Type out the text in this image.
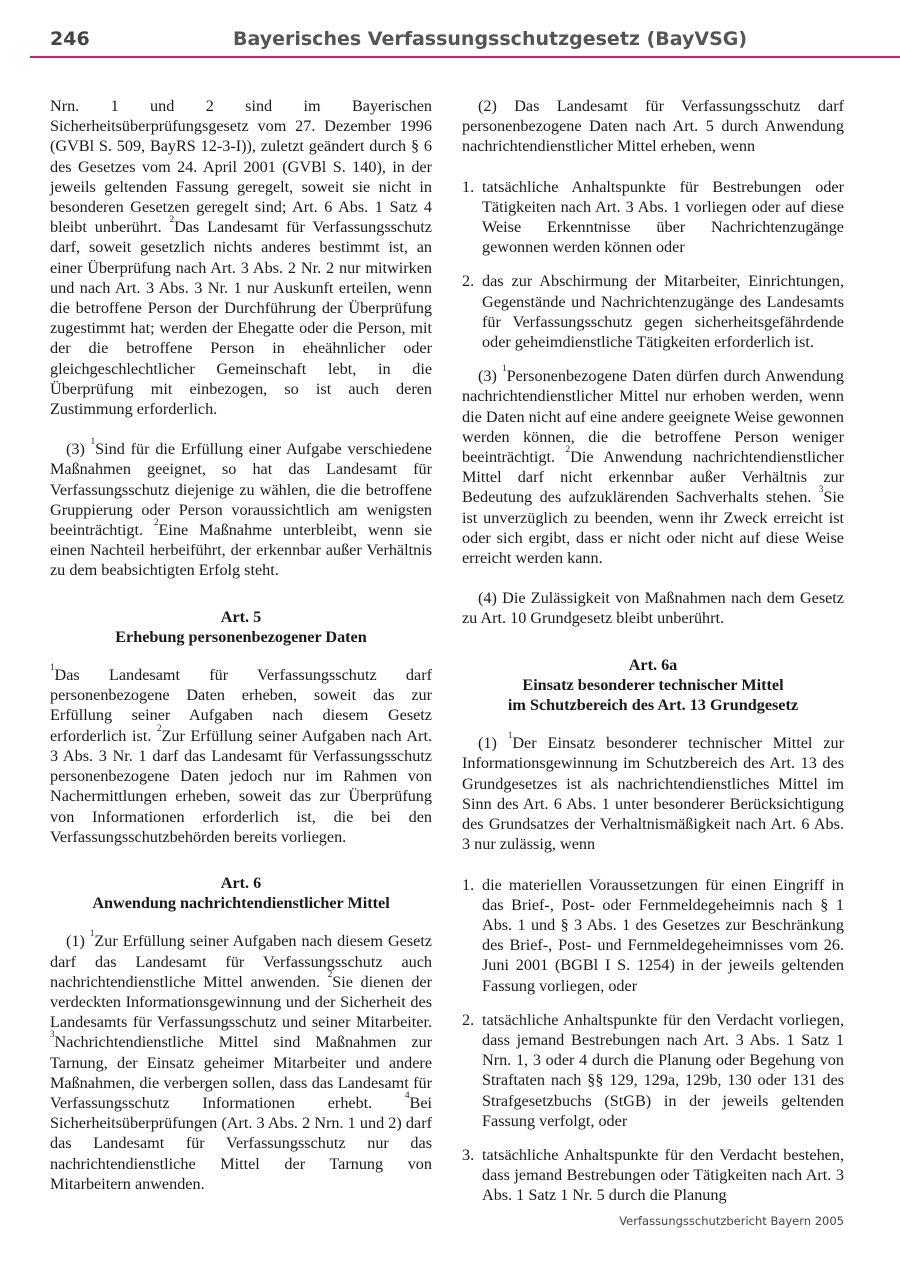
246	Bayerisches Verfassungsschutzgesetz (BayVSG)

Nrn. 1 und 2 sind im Bayerischen Sicherheitsüberprüfungsgesetz vom 27. Dezember 1996 (GVBl S. 509, BayRS 12-3-I)), zuletzt geändert durch § 6 des Gesetzes vom 24. April 2001 (GVBl S. 140), in der jeweils geltenden Fassung geregelt, soweit sie nicht in besonderen Gesetzen geregelt sind; Art. 6 Abs. 1 Satz 4 bleibt unberührt. $^2$Das Landesamt für Verfassungsschutz darf, soweit gesetzlich nichts anderes bestimmt ist, an einer Überprüfung nach Art. 3 Abs. 2 Nr. 2 nur mitwirken und nach Art. 3 Abs. 3 Nr. 1 nur Auskunft erteilen, wenn die betroffene Person der Durchführung der Überprüfung zugestimmt hat; werden der Ehegatte oder die Person, mit der die betroffene Person in eheähnlicher oder gleichgeschlechtlicher Gemeinschaft lebt, in die Überprüfung mit einbezogen, so ist auch deren Zustimmung erforderlich.

(3) $^1$Sind für die Erfüllung einer Aufgabe verschiedene Maßnahmen geeignet, so hat das Landesamt für Verfassungsschutz diejenige zu wählen, die die betroffene Gruppierung oder Person voraussichtlich am wenigsten beeinträchtigt. $^2$Eine Maßnahme unterbleibt, wenn sie einen Nachteil herbeiführt, der erkennbar außer Verhältnis zu dem beabsichtigten Erfolg steht.

Art. 5
Erhebung personenbezogener Daten

$^1$Das Landesamt für Verfassungsschutz darf personenbezogene Daten erheben, soweit das zur Erfüllung seiner Aufgaben nach diesem Gesetz erforderlich ist. $^2$Zur Erfüllung seiner Aufgaben nach Art. 3 Abs. 3 Nr. 1 darf das Landesamt für Verfassungsschutz personenbezogene Daten jedoch nur im Rahmen von Nachermittlungen erheben, soweit das zur Überprüfung von Informationen erforderlich ist, die bei den Verfassungsschutzbehörden bereits vorliegen.

Art. 6
Anwendung nachrichtendienstlicher Mittel

(1) $^1$Zur Erfüllung seiner Aufgaben nach diesem Gesetz darf das Landesamt für Verfassungsschutz auch nachrichtendienstliche Mittel anwenden. $^2$Sie dienen der verdeckten Informationsgewinnung und der Sicherheit des Landesamts für Verfassungsschutz und seiner Mitarbeiter. $^3$Nachrichtendienstliche Mittel sind Maßnahmen zur Tarnung, der Einsatz geheimer Mitarbeiter und andere Maßnahmen, die verbergen sollen, dass das Landesamt für Verfassungsschutz Informationen erhebt. $^4$Bei Sicherheitsüberprüfungen (Art. 3 Abs. 2 Nrn. 1 und 2) darf das Landesamt für Verfassungsschutz nur das nachrichtendienstliche Mittel der Tarnung von Mitarbeitern anwenden.

(2) Das Landesamt für Verfassungsschutz darf personenbezogene Daten nach Art. 5 durch Anwendung nachrichtendienstlicher Mittel erheben, wenn

1. tatsächliche Anhaltspunkte für Bestrebungen oder Tätigkeiten nach Art. 3 Abs. 1 vorliegen oder auf diese Weise Erkenntnisse über Nachrichtenzugänge gewonnen werden können oder
2. das zur Abschirmung der Mitarbeiter, Einrichtungen, Gegenstände und Nachrichtenzugänge des Landesamts für Verfassungsschutz gegen sicherheitsgefährdende oder geheimdienstliche Tätigkeiten erforderlich ist.

(3) $^1$Personenbezogene Daten dürfen durch Anwendung nachrichtendienstlicher Mittel nur erhoben werden, wenn die Daten nicht auf eine andere geeignete Weise gewonnen werden können, die die betroffene Person weniger beeinträchtigt. $^2$Die Anwendung nachrichtendienstlicher Mittel darf nicht erkennbar außer Verhältnis zur Bedeutung des aufzuklärenden Sachverhalts stehen. $^3$Sie ist unverzüglich zu beenden, wenn ihr Zweck erreicht ist oder sich ergibt, dass er nicht oder nicht auf diese Weise erreicht werden kann.

(4) Die Zulässigkeit von Maßnahmen nach dem Gesetz zu Art. 10 Grundgesetz bleibt unberührt.

Art. 6a
Einsatz besonderer technischer Mittel
im Schutzbereich des Art. 13 Grundgesetz

(1) $^1$Der Einsatz besonderer technischer Mittel zur Informationsgewinnung im Schutzbereich des Art. 13 des Grundgesetzes ist als nachrichtendienstliches Mittel im Sinn des Art. 6 Abs. 1 unter besonderer Berücksichtigung des Grundsatzes der Verhaltnismäßigkeit nach Art. 6 Abs. 3 nur zulässig, wenn

1. die materiellen Voraussetzungen für einen Eingriff in das Brief-, Post- oder Fernmeldegeheimnis nach § 1 Abs. 1 und § 3 Abs. 1 des Gesetzes zur Beschränkung des Brief-, Post- und Fernmeldegeheimnisses vom 26. Juni 2001 (BGBl I S. 1254) in der jeweils geltenden Fassung vorliegen, oder
2. tatsächliche Anhaltspunkte für den Verdacht vorliegen, dass jemand Bestrebungen nach Art. 3 Abs. 1 Satz 1 Nrn. 1, 3 oder 4 durch die Planung oder Begehung von Straftaten nach §§ 129, 129a, 129b, 130 oder 131 des Strafgesetzbuchs (StGB) in der jeweils geltenden Fassung verfolgt, oder
3. tatsächliche Anhaltspunkte für den Verdacht bestehen, dass jemand Bestrebungen oder Tätigkeiten nach Art. 3 Abs. 1 Satz 1 Nr. 5 durch die Planung
Verfassungsschutzbericht Bayern 2005
